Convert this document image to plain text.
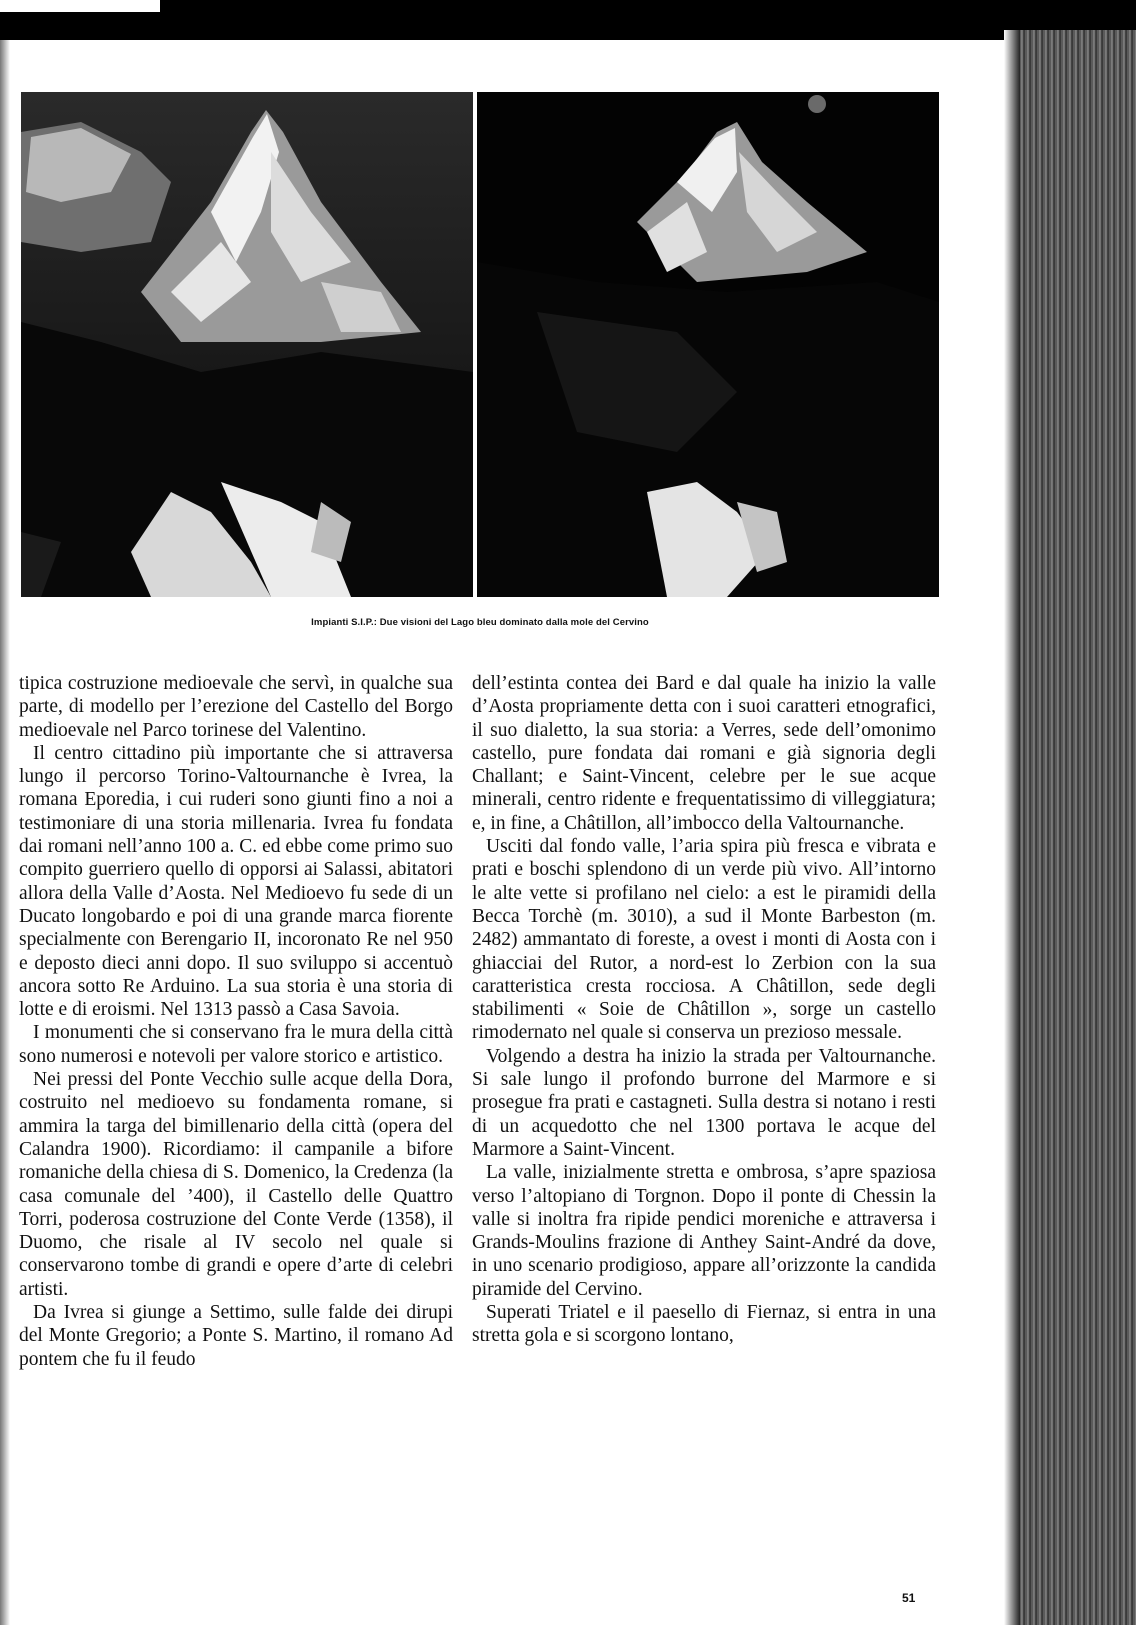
Impianti S.I.P.: Due visioni del Lago bleu dominato dalla mole del Cervino

tipica costruzione medioevale che servì, in qualche sua parte, di modello per l’erezione del Castello del Borgo medioevale nel Parco torinese del Valentino.

Il centro cittadino più importante che si attraversa lungo il percorso Torino-Valtournanche è Ivrea, la romana Eporedia, i cui ruderi sono giunti fino a noi a testimoniare di una storia millenaria. Ivrea fu fondata dai romani nell’anno 100 a. C. ed ebbe come primo suo compito guerriero quello di opporsi ai Salassi, abitatori allora della Valle d’Aosta. Nel Medioevo fu sede di un Ducato longobardo e poi di una grande marca fiorente specialmente con Berengario II, incoronato Re nel 950 e deposto dieci anni dopo. Il suo sviluppo si accentuò ancora sotto Re Arduino. La sua storia è una storia di lotte e di eroismi. Nel 1313 passò a Casa Savoia.

I monumenti che si conservano fra le mura della città sono numerosi e notevoli per valore storico e artistico.

Nei pressi del Ponte Vecchio sulle acque della Dora, costruito nel medioevo su fondamenta romane, si ammira la targa del bimillenario della città (opera del Calandra 1900). Ricordiamo: il campanile a bifore romaniche della chiesa di S. Domenico, la Credenza (la casa comunale del ’400), il Castello delle Quattro Torri, poderosa costruzione del Conte Verde (1358), il Duomo, che risale al IV secolo nel quale si conservarono tombe di grandi e opere d’arte di celebri artisti.

Da Ivrea si giunge a Settimo, sulle falde dei dirupi del Monte Gregorio; a Ponte S. Martino, il romano Ad pontem che fu il feudo

dell’estinta contea dei Bard e dal quale ha inizio la valle d’Aosta propriamente detta con i suoi caratteri etnografici, il suo dialetto, la sua storia: a Verres, sede dell’omonimo castello, pure fondata dai romani e già signoria degli Challant; e Saint-Vincent, celebre per le sue acque minerali, centro ridente e frequentatissimo di villeggiatura; e, in fine, a Châtillon, all’imbocco della Valtournanche.

Usciti dal fondo valle, l’aria spira più fresca e vibrata e prati e boschi splendono di un verde più vivo. All’intorno le alte vette si profilano nel cielo: a est le piramidi della Becca Torchè (m. 3010), a sud il Monte Barbeston (m. 2482) ammantato di foreste, a ovest i monti di Aosta con i ghiacciai del Rutor, a nord-est lo Zerbion con la sua caratteristica cresta rocciosa. A Châtillon, sede degli stabilimenti « Soie de Châtillon », sorge un castello rimodernato nel quale si conserva un prezioso messale.

Volgendo a destra ha inizio la strada per Valtournanche. Si sale lungo il profondo burrone del Marmore e si prosegue fra prati e castagneti. Sulla destra si notano i resti di un acquedotto che nel 1300 portava le acque del Marmore a Saint-Vincent.

La valle, inizialmente stretta e ombrosa, s’apre spaziosa verso l’altopiano di Torgnon. Dopo il ponte di Chessin la valle si inoltra fra ripide pendici moreniche e attraversa i Grands-Moulins frazione di Anthey Saint-André da dove, in uno scenario prodigioso, appare all’orizzonte la candida piramide del Cervino.

Superati Triatel e il paesello di Fiernaz, si entra in una stretta gola e si scorgono lontano,

51
